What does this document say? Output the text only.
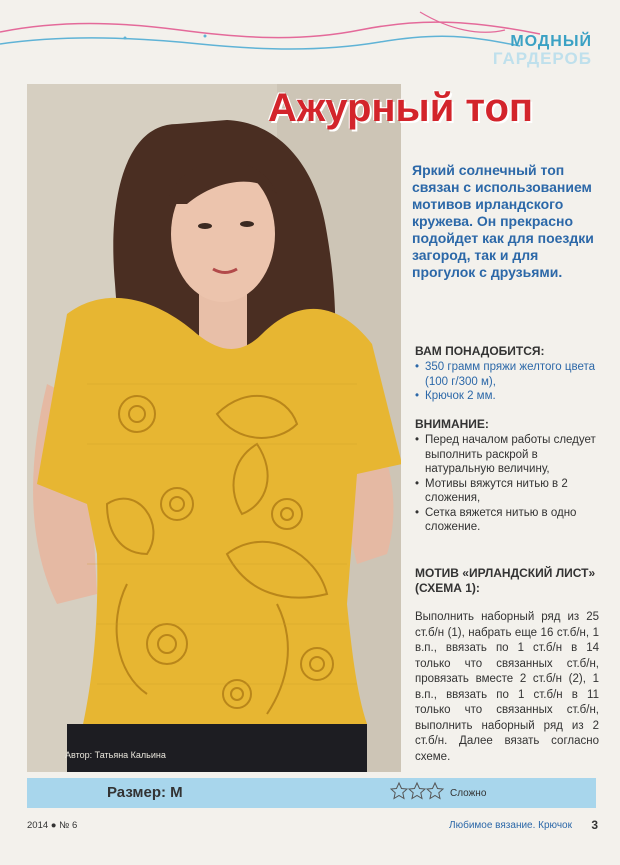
МОДНЫЙ
ГАРДЕРОБ
Автор: Татьяна Кальина
Ажурный топ
Яркий солнечный топ связан с использованием мотивов ирландского кружева. Он прекрасно подойдет как для поездки загород, так и для прогулок с друзьями.
ВАМ ПОНАДОБИТСЯ:
• 350 грамм пряжи желтого цвета (100 г/300 м),
• Крючок 2 мм.
ВНИМАНИЕ:
• Перед началом работы следует выполнить раскрой в натуральную величину,
• Мотивы вяжутся нитью в 2 сложения,
• Сетка вяжется нитью в одно сложение.
МОТИВ «ИРЛАНДСКИЙ ЛИСТ» (СХЕМА 1):
Выполнить наборный ряд из 25 ст.б/н (1), набрать еще 16 ст.б/н, 1 в.п., ввязать по 1 ст.б/н в 14 только что связанных ст.б/н, провязать вместе 2 ст.б/н (2), 1 в.п., ввязать по 1 ст.б/н в 11 только что связанных ст.б/н, выполнить наборный ряд из 2 ст.б/н. Далее вязать согласно схеме.
Размер: M	Сложно
2014 ● № 6	Любимое вязание. Крючок 3
